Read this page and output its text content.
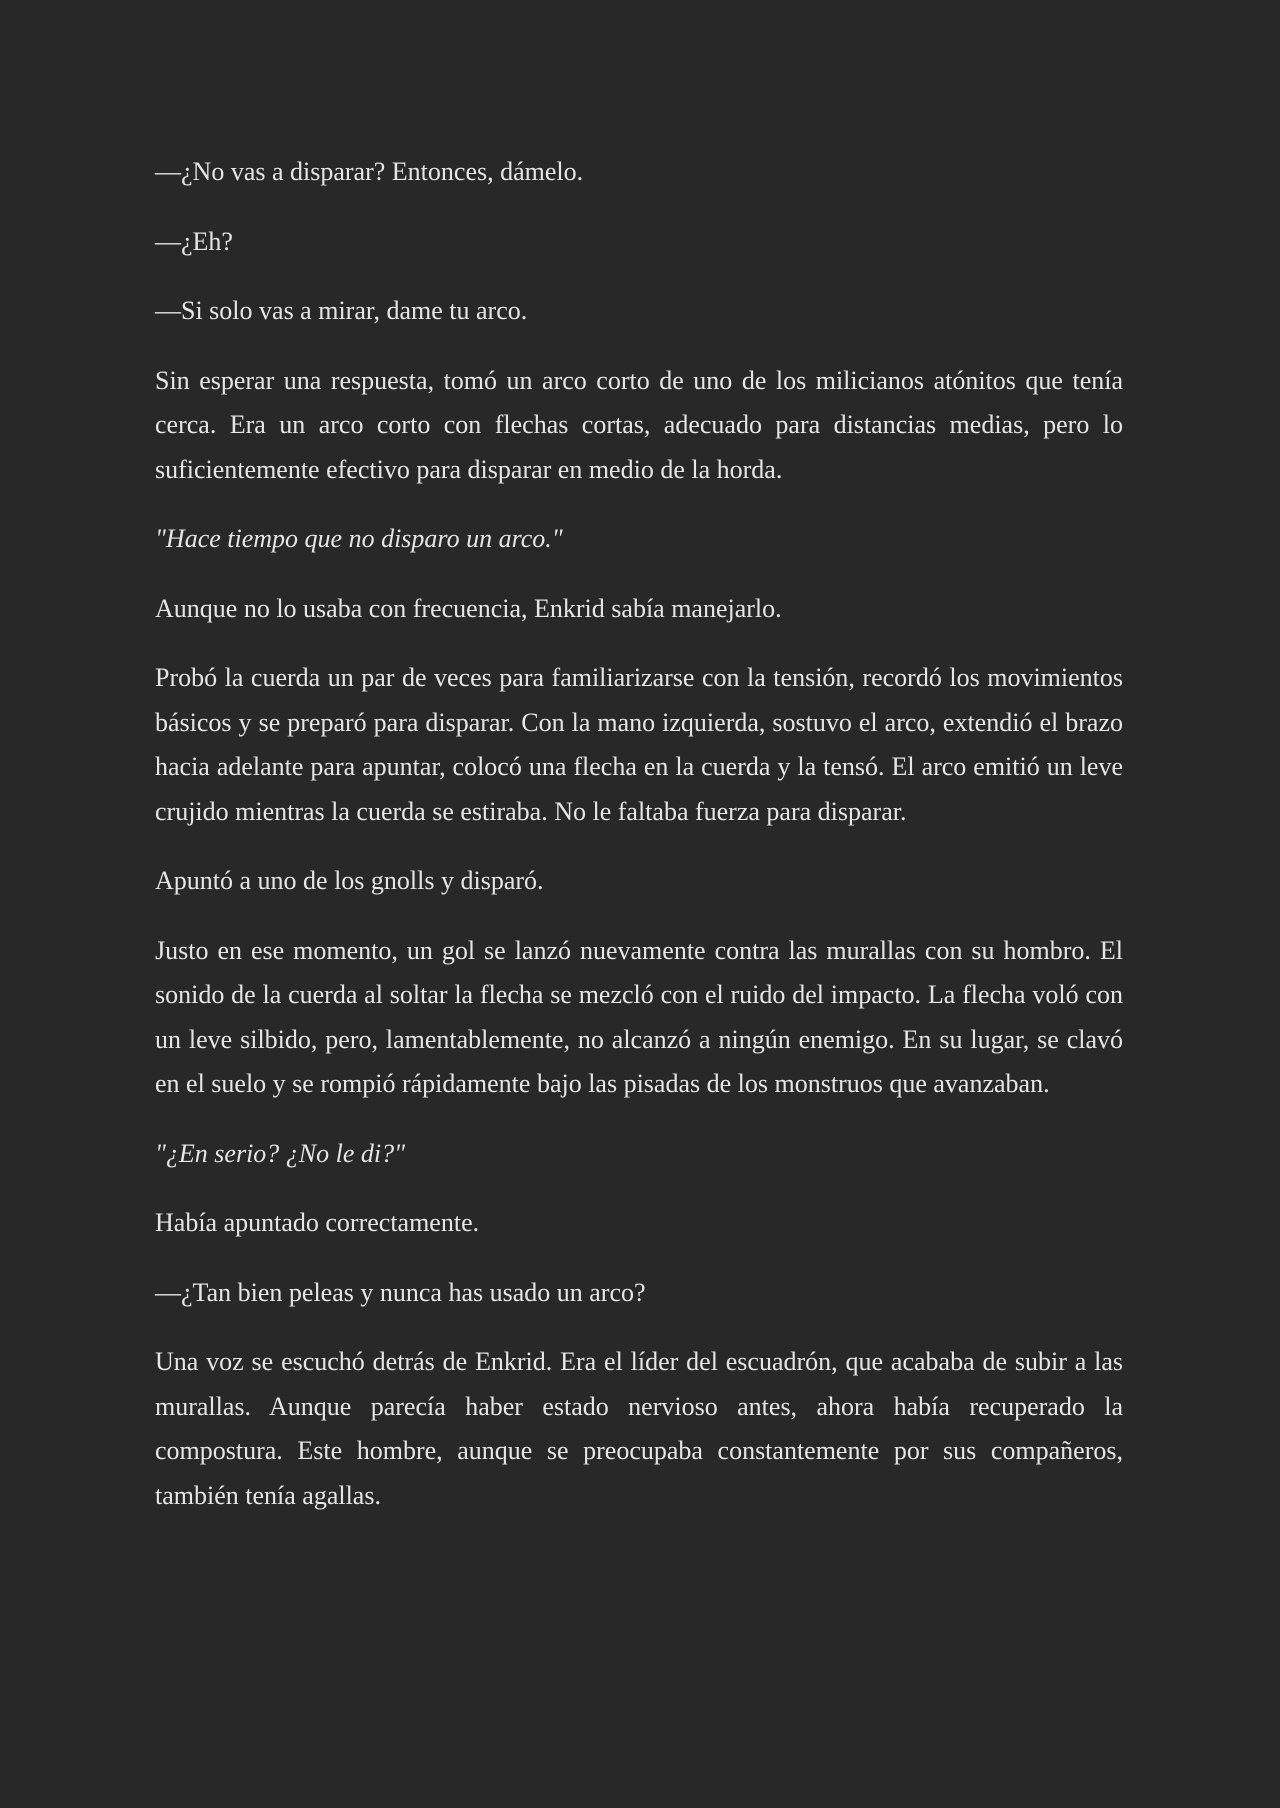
—¿No vas a disparar? Entonces, dámelo.

—¿Eh?

—Si solo vas a mirar, dame tu arco.

Sin esperar una respuesta, tomó un arco corto de uno de los milicianos atónitos que tenía cerca. Era un arco corto con flechas cortas, adecuado para distancias medias, pero lo suficientemente efectivo para disparar en medio de la horda.

"Hace tiempo que no disparo un arco."

Aunque no lo usaba con frecuencia, Enkrid sabía manejarlo.

Probó la cuerda un par de veces para familiarizarse con la tensión, recordó los movimientos básicos y se preparó para disparar. Con la mano izquierda, sostuvo el arco, extendió el brazo hacia adelante para apuntar, colocó una flecha en la cuerda y la tensó. El arco emitió un leve crujido mientras la cuerda se estiraba. No le faltaba fuerza para disparar.

Apuntó a uno de los gnolls y disparó.

Justo en ese momento, un gol se lanzó nuevamente contra las murallas con su hombro. El sonido de la cuerda al soltar la flecha se mezcló con el ruido del impacto. La flecha voló con un leve silbido, pero, lamentablemente, no alcanzó a ningún enemigo. En su lugar, se clavó en el suelo y se rompió rápidamente bajo las pisadas de los monstruos que avanzaban.

"¿En serio? ¿No le di?"

Había apuntado correctamente.

—¿Tan bien peleas y nunca has usado un arco?

Una voz se escuchó detrás de Enkrid. Era el líder del escuadrón, que acababa de subir a las murallas. Aunque parecía haber estado nervioso antes, ahora había recuperado la compostura. Este hombre, aunque se preocupaba constantemente por sus compañeros, también tenía agallas.
